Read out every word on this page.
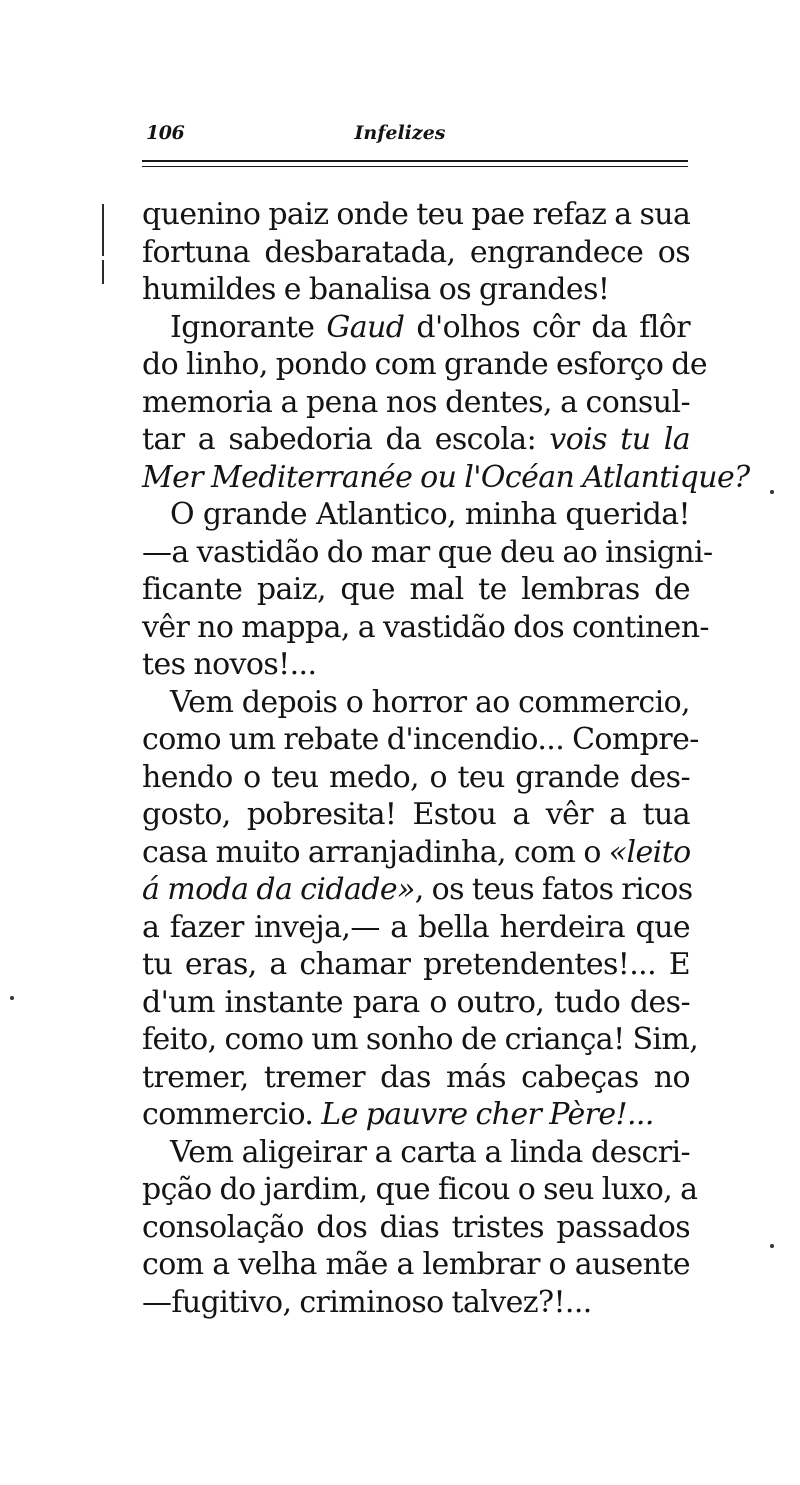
106	Infelizes
quenino paiz onde teu pae refaz a sua
fortuna desbaratada, engrandece os
humildes e banalisa os grandes!
Ignorante Gaud d'olhos côr da flôr
do linho, pondo com grande esforço de
memoria a pena nos dentes, a consul-
tar a sabedoria da escola: vois tu la
Mer Mediterranée ou l'Océan Atlantique?
O grande Atlantico, minha querida!
—a vastidão do mar que deu ao insigni-
ficante paiz, que mal te lembras de
vêr no mappa, a vastidão dos continen-
tes novos!...
Vem depois o horror ao commercio,
como um rebate d'incendio... Compre-
hendo o teu medo, o teu grande des-
gosto, pobresita! Estou a vêr a tua
casa muito arranjadinha, com o «leito
á moda da cidade», os teus fatos ricos
a fazer inveja,— a bella herdeira que
tu eras, a chamar pretendentes!... E
d'um instante para o outro, tudo des-
feito, como um sonho de criança! Sim,
tremer, tremer das más cabeças no
commercio. Le pauvre cher Père!...
Vem aligeirar a carta a linda descri-
pção do jardim, que ficou o seu luxo, a
consolação dos dias tristes passados
com a velha mãe a lembrar o ausente
—fugitivo, criminoso talvez?!...
